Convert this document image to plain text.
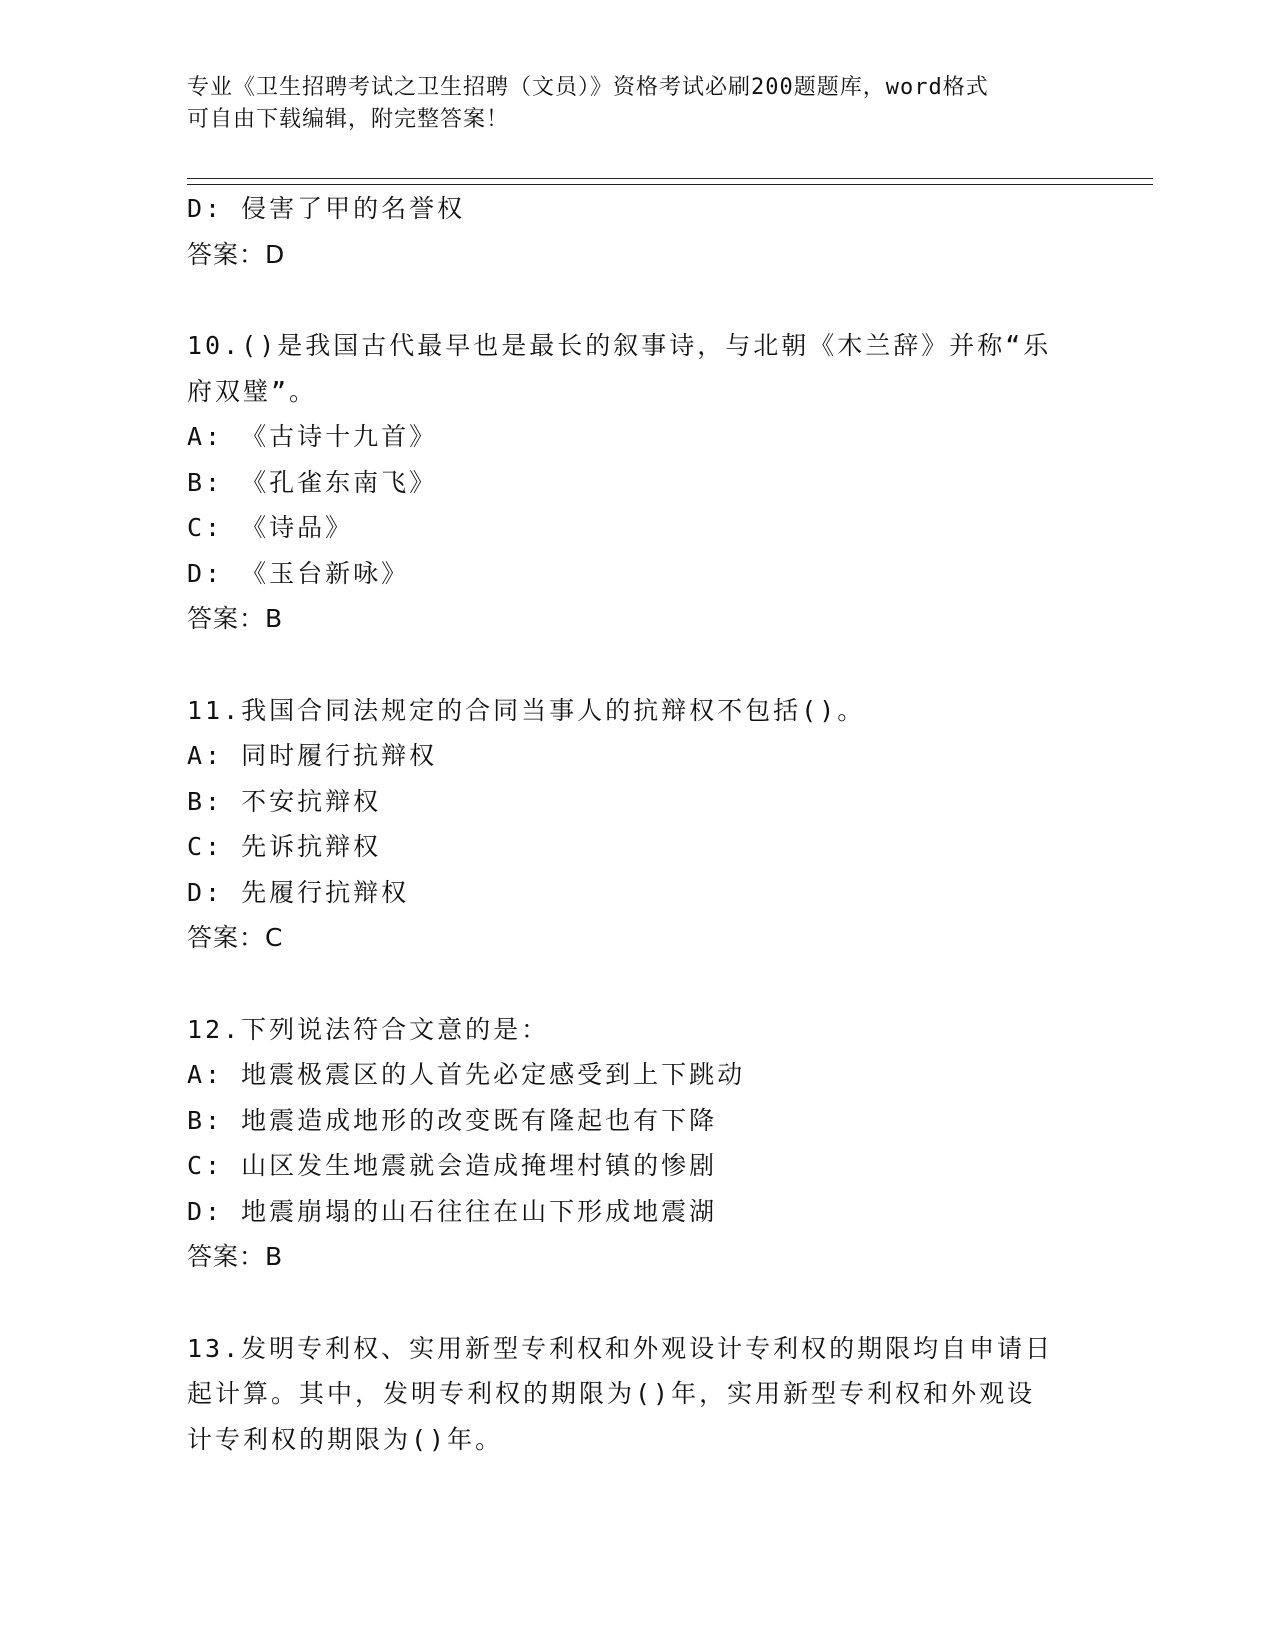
专业《卫生招聘考试之卫生招聘（文员）》资格考试必刷200题题库，word格式
可自由下载编辑，附完整答案！
D: 侵害了甲的名誉权
答案：D
10.()是我国古代最早也是最长的叙事诗，与北朝《木兰辞》并称“乐
府双璧”。
A: 《古诗十九首》
B: 《孔雀东南飞》
C: 《诗品》
D: 《玉台新咏》
答案：B
11.我国合同法规定的合同当事人的抗辩权不包括()。
A: 同时履行抗辩权
B: 不安抗辩权
C: 先诉抗辩权
D: 先履行抗辩权
答案：C
12.下列说法符合文意的是：
A: 地震极震区的人首先必定感受到上下跳动
B: 地震造成地形的改变既有隆起也有下降
C: 山区发生地震就会造成掩埋村镇的惨剧
D: 地震崩塌的山石往往在山下形成地震湖
答案：B
13.发明专利权、实用新型专利权和外观设计专利权的期限均自申请日
起计算。其中，发明专利权的期限为()年，实用新型专利权和外观设
计专利权的期限为()年。
